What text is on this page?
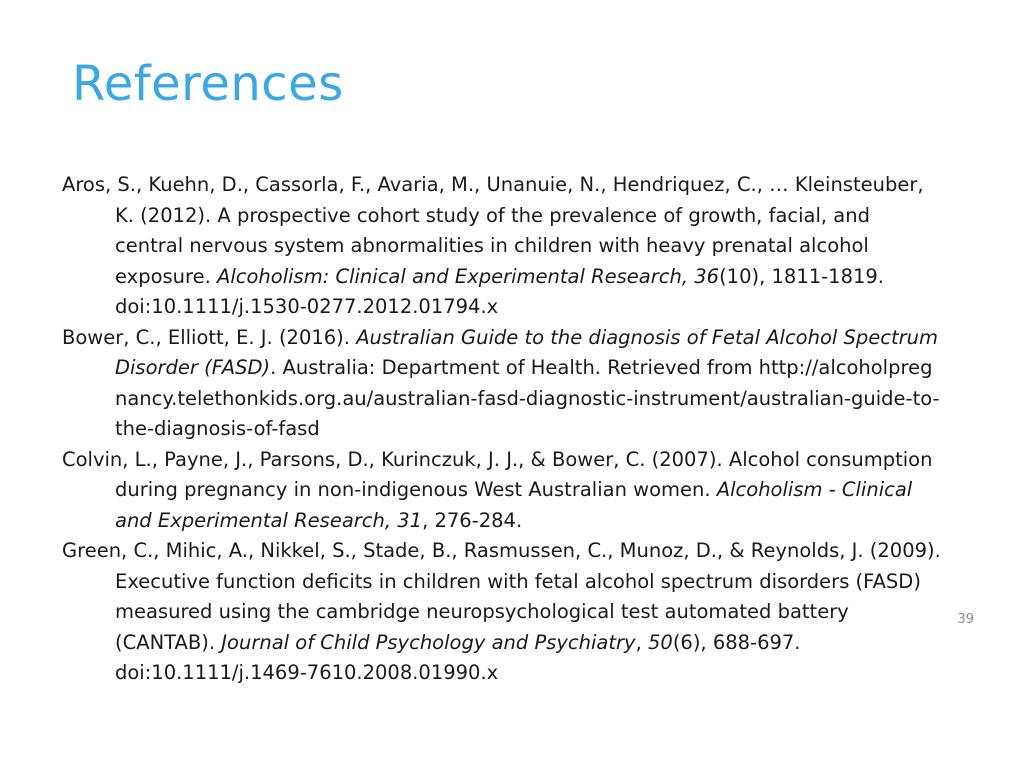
References

Aros, S., Kuehn, D., Cassorla, F., Avaria, M., Unanuie, N., Hendriquez, C., … Kleinsteuber, K. (2012). A prospective cohort study of the prevalence of growth, facial, and central nervous system abnormalities in children with heavy prenatal alcohol exposure. Alcoholism: Clinical and Experimental Research, 36(10), 1811-1819. doi:10.1111/j.1530-0277.2012.01794.x

Bower, C., Elliott, E. J. (2016). Australian Guide to the diagnosis of Fetal Alcohol Spectrum Disorder (FASD). Australia: Department of Health. Retrieved from http://alcoholpregnancy.telethonkids.org.au/australian-fasd-diagnostic-instrument/australian-guide-to-the-diagnosis-of-fasd

Colvin, L., Payne, J., Parsons, D., Kurinczuk, J. J., & Bower, C. (2007). Alcohol consumption during pregnancy in non-indigenous West Australian women. Alcoholism - Clinical and Experimental Research, 31, 276-284.

Green, C., Mihic, A., Nikkel, S., Stade, B., Rasmussen, C., Munoz, D., & Reynolds, J. (2009). Executive function deficits in children with fetal alcohol spectrum disorders (FASD) measured using the cambridge neuropsychological test automated battery (CANTAB). Journal of Child Psychology and Psychiatry, 50(6), 688-697. doi:10.1111/j.1469-7610.2008.01990.x

39
